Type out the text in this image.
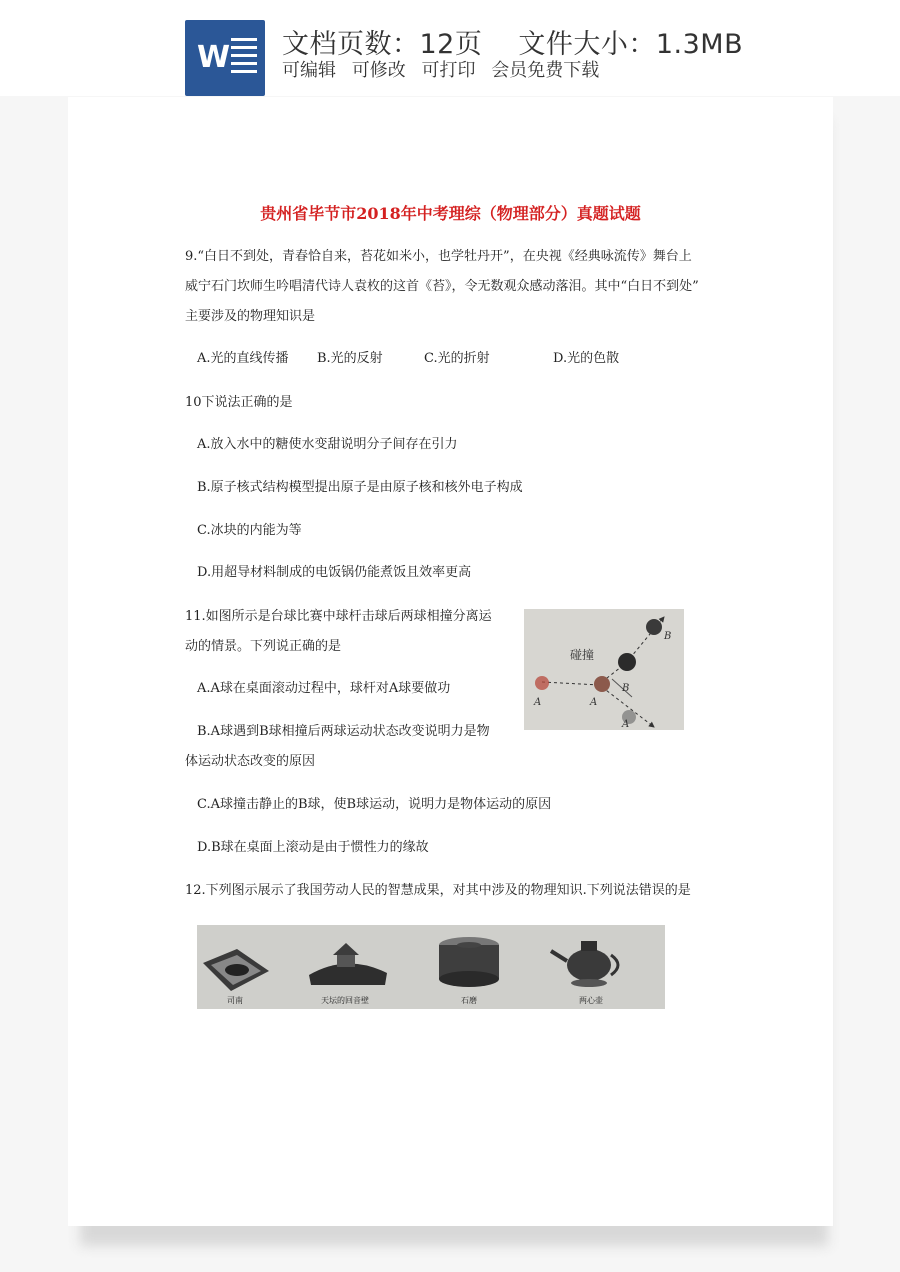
W 文档页数：12页 文件大小：1.3MB
可编辑 可修改 可打印 会员免费下载
贵州省毕节市2018年中考理综（物理部分）真题试题
9.“白日不到处，青春恰自来，苔花如米小，也学牡丹开”，在央视《经典咏流传》舞台上
威宁石门坎师生吟唱清代诗人袁枚的这首《苔》，令无数观众感动落泪。其中“白日不到处”
主要涉及的物理知识是
A.光的直线传播 B.光的反射	C.光的折射	D.光的色散
10下说法正确的是
A.放入水中的糖使水变甜说明分子间存在引力
B.原子核式结构模型提出原子是由原子核和核外电子构成
C.冰块的内能为等
D.用超导材料制成的电饭锅仍能煮饭且效率更高
11.如图所示是台球比赛中球杆击球后两球相撞分离运
动的情景。下列说正确的是
A.A球在桌面滚动过程中，球杆对A球要做功
B.A球遇到B球相撞后两球运动状态改变说明力是物
体运动状态改变的原因
C.A球撞击静止的B球，使B球运动，说明力是物体运动的原因
D.B球在桌面上滚动是由于惯性力的缘故
碰撞
A	A
B
B
A
12.下列图示展示了我国劳动人民的智慧成果，对其中涉及的物理知识.下列说法错误的是
司南	天坛的回音壁	石磨	两心壶
